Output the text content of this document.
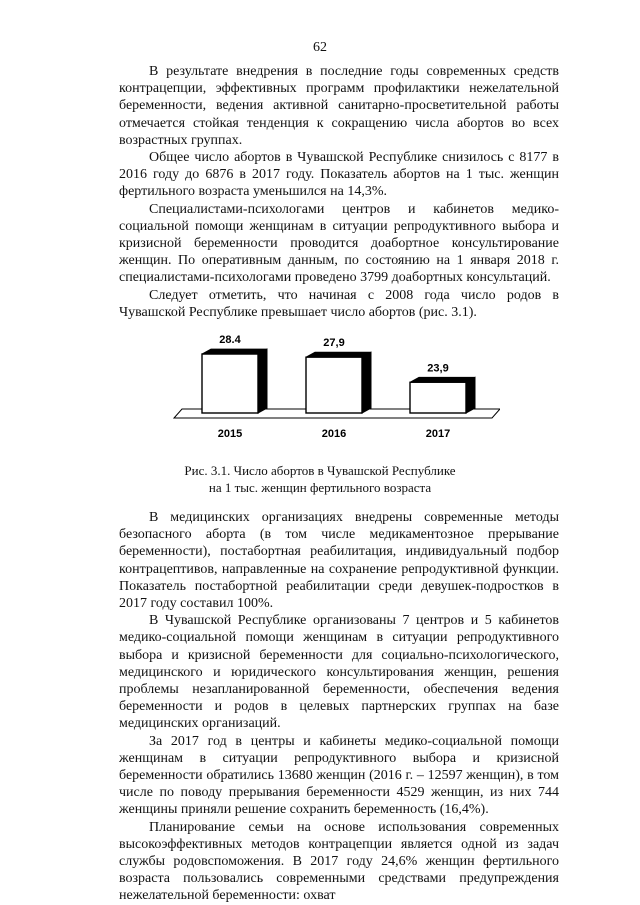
62

В результате внедрения в последние годы современных средств контрацепции, эффективных программ профилактики нежелательной беременности, ведения активной санитарно-просветительной работы отмечается стойкая тенденция к сокращению числа абортов во всех возрастных группах.

Общее число абортов в Чувашской Республике снизилось с 8177 в 2016 году до 6876 в 2017 году. Показатель абортов на 1 тыс. женщин фертильного возраста уменьшился на 14,3%.

Специалистами-психологами центров и кабинетов медико-социальной помощи женщинам в ситуации репродуктивного выбора и кризисной беременности проводится доабортное консультирование женщин. По оперативным данным, по состоянию на 1 января 2018 г. специалистами-психологами проведено 3799 доабортных консультаций.

Следует отметить, что начиная с 2008 года число родов в Чувашской Республике превышает число абортов (рис. 3.1).

28.4
2015
27,9
2016
23,9
2017
Рис. 3.1. Число абортов в Чувашской Республике
на 1 тыс. женщин фертильного возраста

В медицинских организациях внедрены современные методы безопасного аборта (в том числе медикаментозное прерывание беременности), постабортная реабилитация, индивидуальный подбор контрацептивов, направленные на сохранение репродуктивной функции. Показатель постабортной реабилитации среди девушек-подростков в 2017 году составил 100%.

В Чувашской Республике организованы 7 центров и 5 кабинетов медико-социальной помощи женщинам в ситуации репродуктивного выбора и кризисной беременности для социально-психологического, медицинского и юридического консультирования женщин, решения проблемы незапланированной беременности, обеспечения ведения беременности и родов в целевых партнерских группах на базе медицинских организаций.

За 2017 год в центры и кабинеты медико-социальной помощи женщинам в ситуации репродуктивного выбора и кризисной беременности обратились 13680 женщин (2016 г. – 12597 женщин), в том числе по поводу прерывания беременности 4529 женщин, из них 744 женщины приняли решение сохранить беременность (16,4%).

Планирование семьи на основе использования современных высокоэффективных методов контрацепции является одной из задач службы родовспоможения. В 2017 году 24,6% женщин фертильного возраста пользовались современными средствами предупреждения нежелательной беременности: охват
